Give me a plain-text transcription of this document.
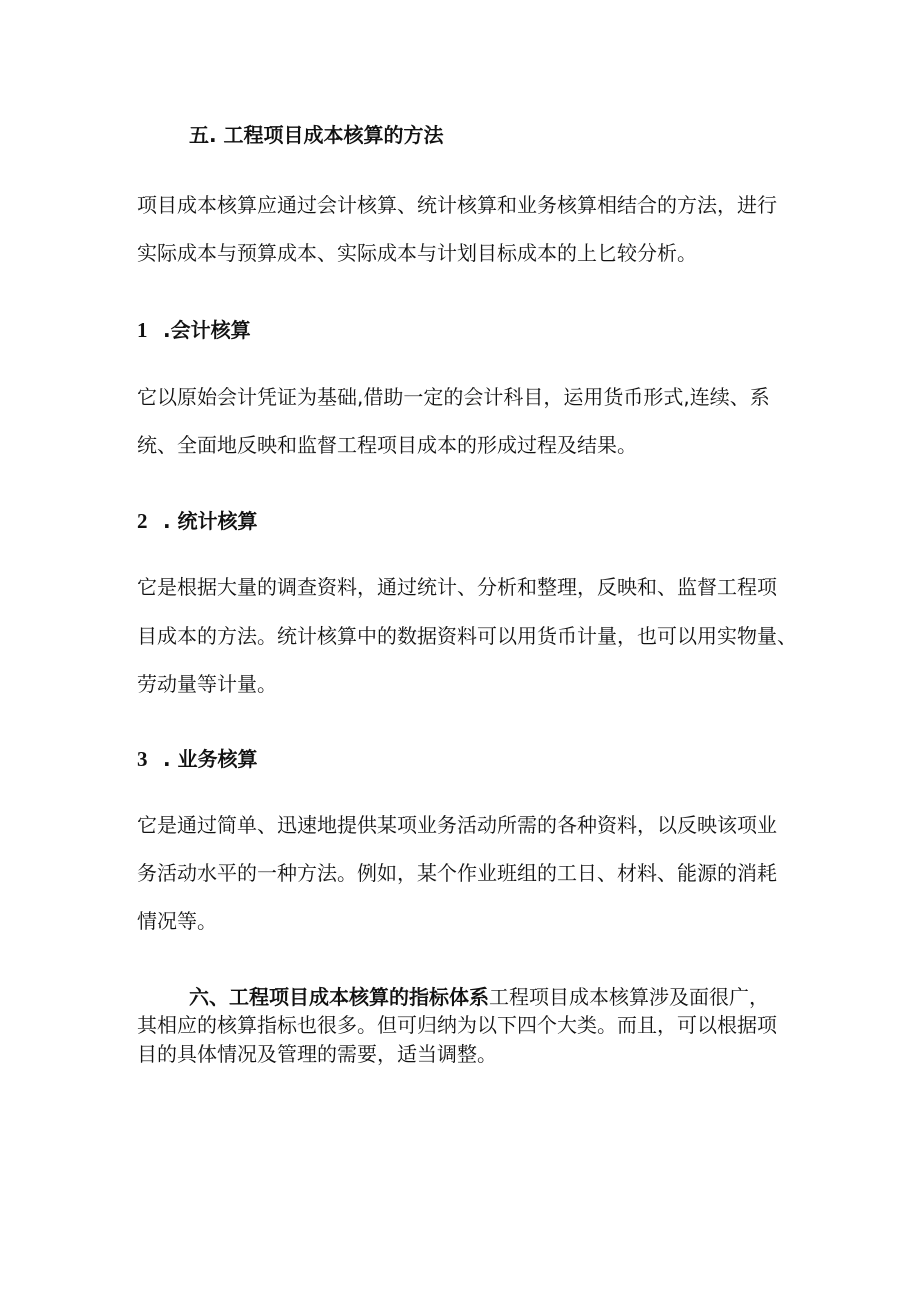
五. 工程项目成本核算的方法
项目成本核算应通过会计核算、统计核算和业务核算相结合的方法，进行
实际成本与预算成本、实际成本与计划目标成本的上匕较分析。
1 .会计核算
它以原始会计凭证为基础,借助一定的会计科目，运用货币形式,连续、系
统、全面地反映和监督工程项目成本的形成过程及结果。
2 . 统计核算
它是根据大量的调查资料，通过统计、分析和整理，反映和、监督工程项
目成本的方法。统计核算中的数据资料可以用货币计量，也可以用实物量、
劳动量等计量。
3 . 业务核算
它是通过简单、迅速地提供某项业务活动所需的各种资料，以反映该项业
务活动水平的一种方法。例如，某个作业班组的工日、材料、能源的消耗
情况等。
六、工程项目成本核算的指标体系工程项目成本核算涉及面很广，
其相应的核算指标也很多。但可归纳为以下四个大类。而且，可以根据项
目的具体情况及管理的需要，适当调整。
